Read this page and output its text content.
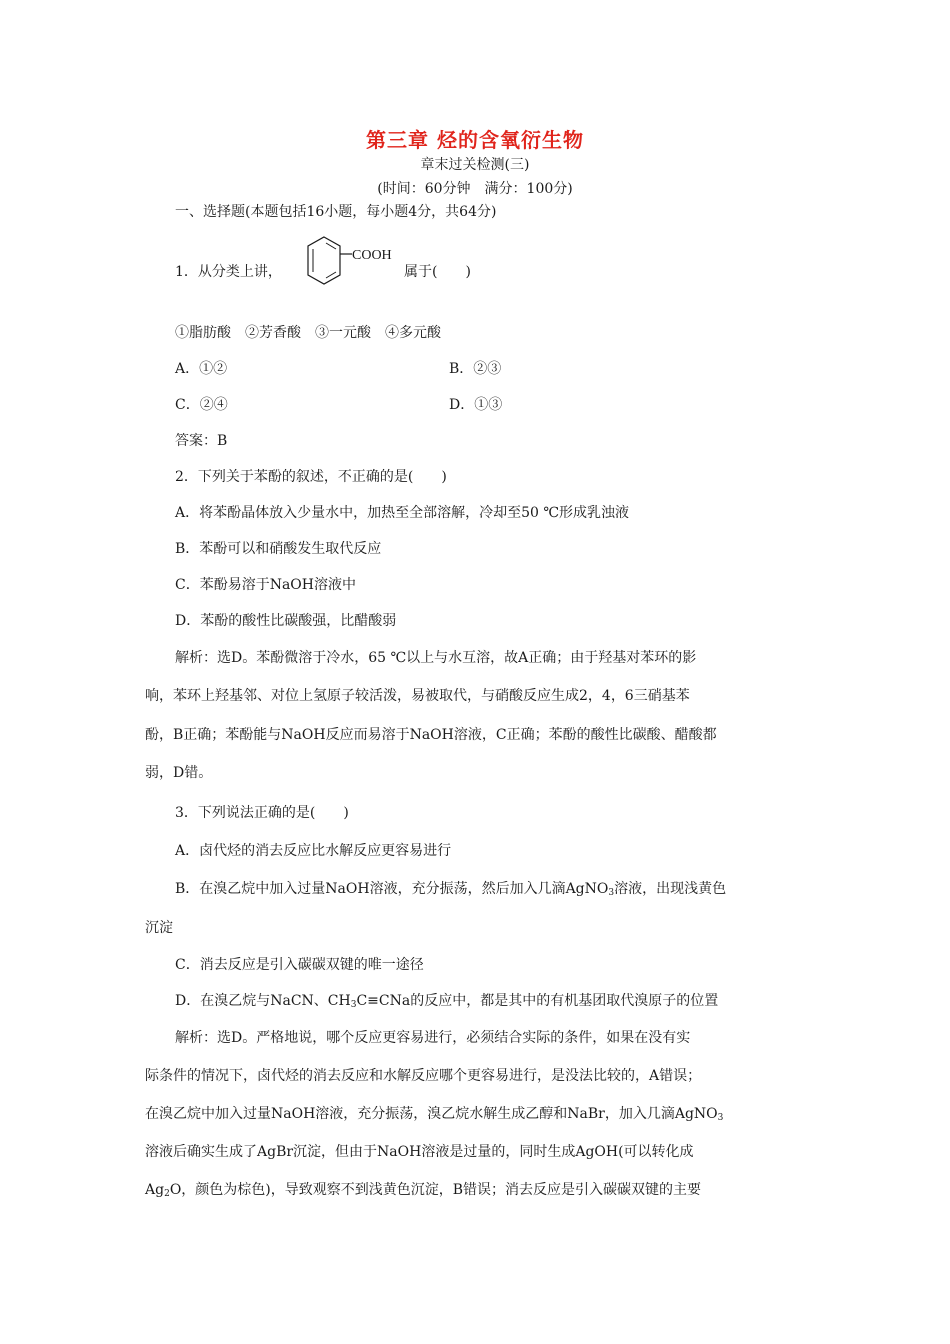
第三章 烃的含氧衍生物
章末过关检测(三)
(时间：60分钟　满分：100分)
一、选择题(本题包括16小题，每小题4分，共64分)
1．从分类上讲，
COOH
属于(　　)
①脂肪酸　②芳香酸　③一元酸　④多元酸
A．①②	B．②③
C．②④	D．①③
答案：B
2．下列关于苯酚的叙述，不正确的是(　　)
A．将苯酚晶体放入少量水中，加热至全部溶解，冷却至50 ℃形成乳浊液
B．苯酚可以和硝酸发生取代反应
C．苯酚易溶于NaOH溶液中
D．苯酚的酸性比碳酸强，比醋酸弱
解析：选D。苯酚微溶于冷水，65 ℃以上与水互溶，故A正确；由于羟基对苯环的影
响，苯环上羟基邻、对位上氢原子较活泼，易被取代，与硝酸反应生成2，4，6三硝基苯
酚，B正确；苯酚能与NaOH反应而易溶于NaOH溶液，C正确；苯酚的酸性比碳酸、醋酸都
弱，D错。
3．下列说法正确的是(　　)
A．卤代烃的消去反应比水解反应更容易进行
B．在溴乙烷中加入过量NaOH溶液，充分振荡，然后加入几滴AgNO$_3$溶液，出现浅黄色
沉淀
C．消去反应是引入碳碳双键的唯一途径
D．在溴乙烷与NaCN、$CH_3C\equiv CNa$的反应中，都是其中的有机基团取代溴原子的位置
解析：选D。严格地说，哪个反应更容易进行，必须结合实际的条件，如果在没有实
际条件的情况下，卤代烃的消去反应和水解反应哪个更容易进行，是没法比较的，A错误；
在溴乙烷中加入过量NaOH溶液，充分振荡，溴乙烷水解生成乙醇和NaBr，加入几滴AgNO$_3$
溶液后确实生成了AgBr沉淀，但由于NaOH溶液是过量的，同时生成AgOH(可以转化成
$Ag_2O$，颜色为棕色)，导致观察不到浅黄色沉淀，B错误；消去反应是引入碳碳双键的主要
